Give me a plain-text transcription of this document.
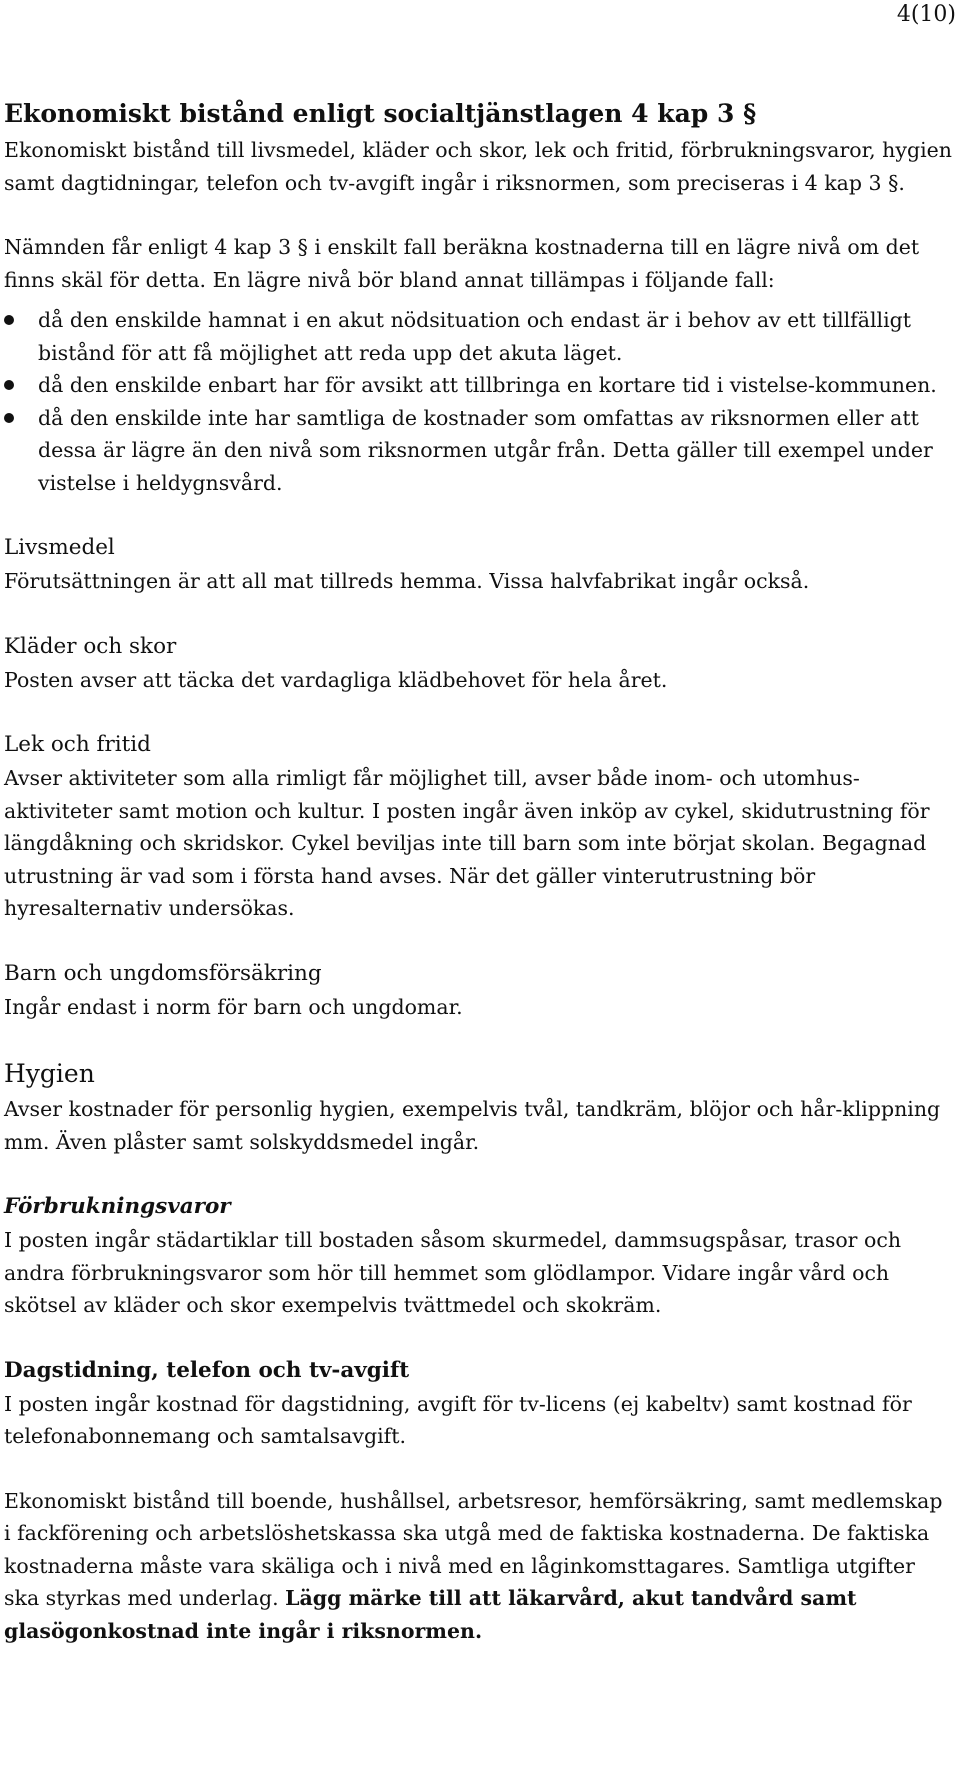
4(10)
Ekonomiskt bistånd enligt socialtjänstlagen 4 kap 3 §

Ekonomiskt bistånd till livsmedel, kläder och skor, lek och fritid, förbrukningsvaror, hygien samt dagtidningar, telefon och tv-avgift ingår i riksnormen, som preciseras i 4 kap 3 §.

Nämnden får enligt 4 kap 3 § i enskilt fall beräkna kostnaderna till en lägre nivå om det finns skäl för detta. En lägre nivå bör bland annat tillämpas i följande fall:

då den enskilde hamnat i en akut nödsituation och endast är i behov av ett tillfälligt bistånd för att få möjlighet att reda upp det akuta läget.
då den enskilde enbart har för avsikt att tillbringa en kortare tid i vistelse-kommunen.
då den enskilde inte har samtliga de kostnader som omfattas av riksnormen eller att dessa är lägre än den nivå som riksnormen utgår från. Detta gäller till exempel under vistelse i heldygnsvård.
Livsmedel

Förutsättningen är att all mat tillreds hemma. Vissa halvfabrikat ingår också.

Kläder och skor

Posten avser att täcka det vardagliga klädbehovet för hela året.

Lek och fritid

Avser aktiviteter som alla rimligt får möjlighet till, avser både inom- och utomhus-aktiviteter samt motion och kultur. I posten ingår även inköp av cykel, skidutrustning för längdåkning och skridskor. Cykel beviljas inte till barn som inte börjat skolan. Begagnad utrustning är vad som i första hand avses. När det gäller vinterutrustning bör hyresalternativ undersökas.

Barn och ungdomsförsäkring

Ingår endast i norm för barn och ungdomar.

Hygien

Avser kostnader för personlig hygien, exempelvis tvål, tandkräm, blöjor och hår-klippning mm. Även plåster samt solskyddsmedel ingår.

Förbrukningsvaror

I posten ingår städartiklar till bostaden såsom skurmedel, dammsugspåsar, trasor och andra förbrukningsvaror som hör till hemmet som glödlampor. Vidare ingår vård och skötsel av kläder och skor exempelvis tvättmedel och skokräm.

Dagstidning, telefon och tv-avgift

I posten ingår kostnad för dagstidning, avgift för tv-licens (ej kabeltv) samt kostnad för telefonabonnemang och samtalsavgift.

Ekonomiskt bistånd till boende, hushållsel, arbetsresor, hemförsäkring, samt medlemskap i fackförening och arbetslöshetskassa ska utgå med de faktiska kostnaderna. De faktiska kostnaderna måste vara skäliga och i nivå med en låginkomsttagares. Samtliga utgifter ska styrkas med underlag. Lägg märke till att läkarvård, akut tandvård samt glasögonkostnad inte ingår i riksnormen.
